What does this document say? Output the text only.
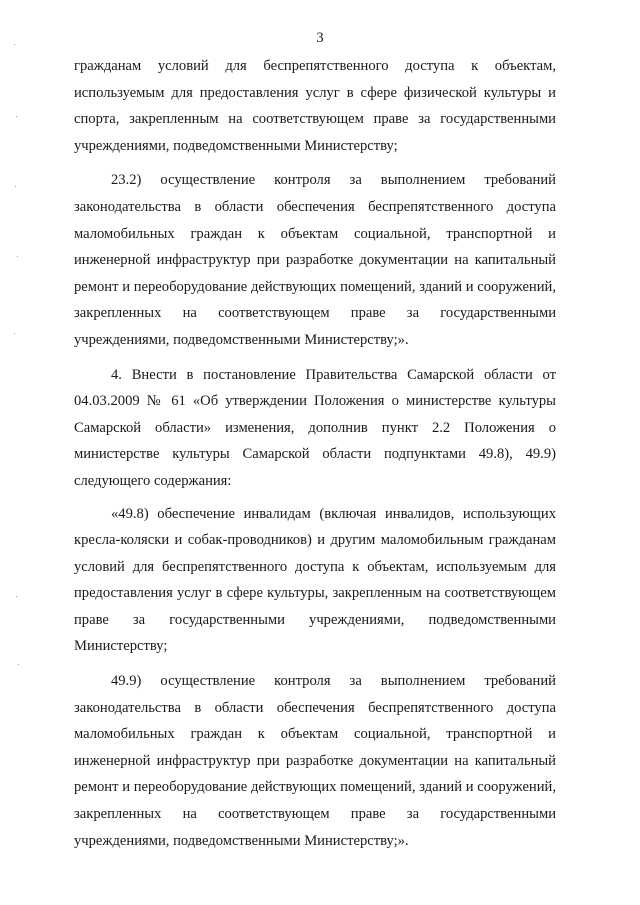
3

гражданам условий для беспрепятственного доступа к объектам, используемым для предоставления услуг в сфере физической культуры и спорта, закрепленным на соответствующем праве за государственными учреждениями, подведомственными Министерству;

23.2) осуществление контроля за выполнением требований законодательства в области обеспечения беспрепятственного доступа маломобильных граждан к объектам социальной, транспортной и инженерной инфраструктур при разработке документации на капитальный ремонт и переоборудование действующих помещений, зданий и сооружений, закрепленных на соответствующем праве за государственными учреждениями, подведомственными Министерству;».

4. Внести в постановление Правительства Самарской области от 04.03.2009 № 61 «Об утверждении Положения о министерстве культуры Самарской области» изменения, дополнив пункт 2.2 Положения о министерстве культуры Самарской области подпунктами 49.8), 49.9) следующего содержания:

«49.8) обеспечение инвалидам (включая инвалидов, использующих кресла-коляски и собак-проводников) и другим маломобильным гражданам условий для беспрепятственного доступа к объектам, используемым для предоставления услуг в сфере культуры, закрепленным на соответствующем праве за государственными учреждениями, подведомственными Министерству;

49.9) осуществление контроля за выполнением требований законодательства в области обеспечения беспрепятственного доступа маломобильных граждан к объектам социальной, транспортной и инженерной инфраструктур при разработке документации на капитальный ремонт и переоборудование действующих помещений, зданий и сооружений, закрепленных на соответствующем праве за государственными учреждениями, подведомственными Министерству;».
